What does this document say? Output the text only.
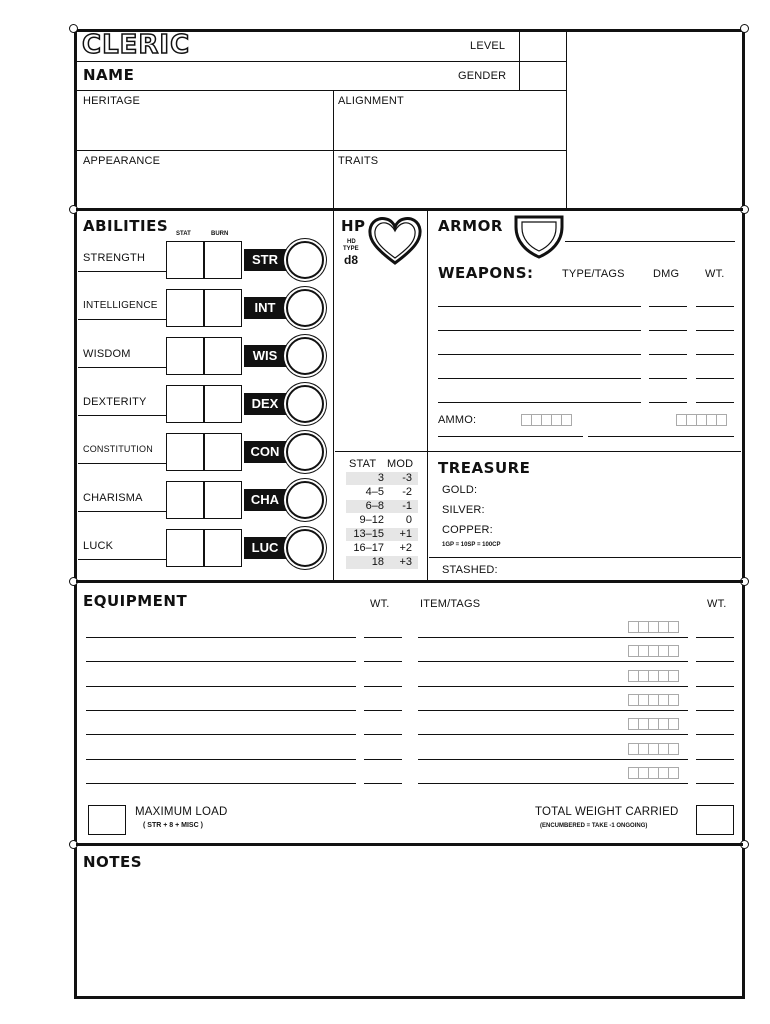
CLERIC	LEVEL
NAME	GENDER
HERITAGE	ALIGNMENT
APPEARANCE	TRAITS
ABILITIES STAT	BURN
STRENGTH	STR
INTELLIGENCE	INT
WISDOM	WIS
DEXTERITY	DEX
CONSTITUTION	CON
CHARISMA	CHA
LUCK	LUC
HP
HD
TYPE
d8
STAT MOD
3 -3
4–5 -2
6–8 -1
9–12 0
13–15 +1
16–17 +2
18 +3
ARMOR
WEAPONS:	TYPE/TAGS	DMG WT.
AMMO:
TREASURE
GOLD:
SILVER:
COPPER:
1GP = 10SP = 100CP
STASHED:
EQUIPMENT	WT.	ITEM/TAGS	WT.
MAXIMUM LOAD
( STR + 8 + MISC )
TOTAL WEIGHT CARRIED
(ENCUMBERED = TAKE -1 ONGOING)
NOTES
